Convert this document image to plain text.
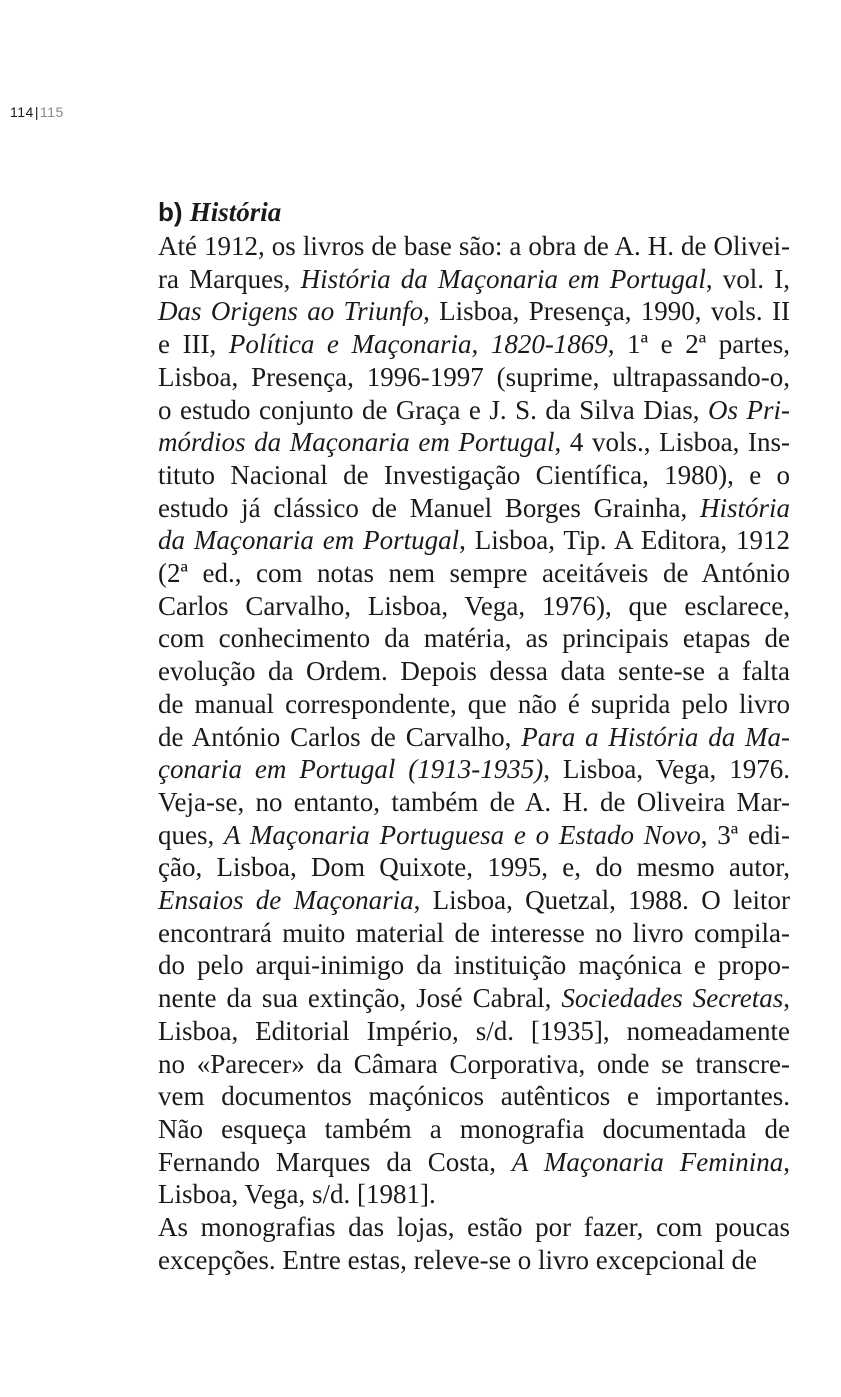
114|115
b) História
Até 1912, os livros de base são: a obra de A. H. de Olivei-
ra Marques, História da Maçonaria em Portugal, vol. I,
Das Origens ao Triunfo, Lisboa, Presença, 1990, vols. II
e III, Política e Maçonaria, 1820-1869, 1ª e 2ª partes,
Lisboa, Presença, 1996-1997 (suprime, ultrapassando-o,
o estudo conjunto de Graça e J. S. da Silva Dias, Os Pri-
mórdios da Maçonaria em Portugal, 4 vols., Lisboa, Ins-
tituto Nacional de Investigação Científica, 1980), e o
estudo já clássico de Manuel Borges Grainha, História
da Maçonaria em Portugal, Lisboa, Tip. A Editora, 1912
(2ª ed., com notas nem sempre aceitáveis de António
Carlos Carvalho, Lisboa, Vega, 1976), que esclarece,
com conhecimento da matéria, as principais etapas de
evolução da Ordem. Depois dessa data sente-se a falta
de manual correspondente, que não é suprida pelo livro
de António Carlos de Carvalho, Para a História da Ma-
çonaria em Portugal (1913-1935), Lisboa, Vega, 1976.
Veja-se, no entanto, também de A. H. de Oliveira Mar-
ques, A Maçonaria Portuguesa e o Estado Novo, 3ª edi-
ção, Lisboa, Dom Quixote, 1995, e, do mesmo autor,
Ensaios de Maçonaria, Lisboa, Quetzal, 1988. O leitor
encontrará muito material de interesse no livro compila-
do pelo arqui-inimigo da instituição maçónica e propo-
nente da sua extinção, José Cabral, Sociedades Secretas,
Lisboa, Editorial Império, s/d. [1935], nomeadamente
no «Parecer» da Câmara Corporativa, onde se transcre-
vem documentos maçónicos autênticos e importantes.
Não esqueça também a monografia documentada de
Fernando Marques da Costa, A Maçonaria Feminina,
Lisboa, Vega, s/d. [1981].
As monografias das lojas, estão por fazer, com poucas
excepções. Entre estas, releve-se o livro excepcional de
